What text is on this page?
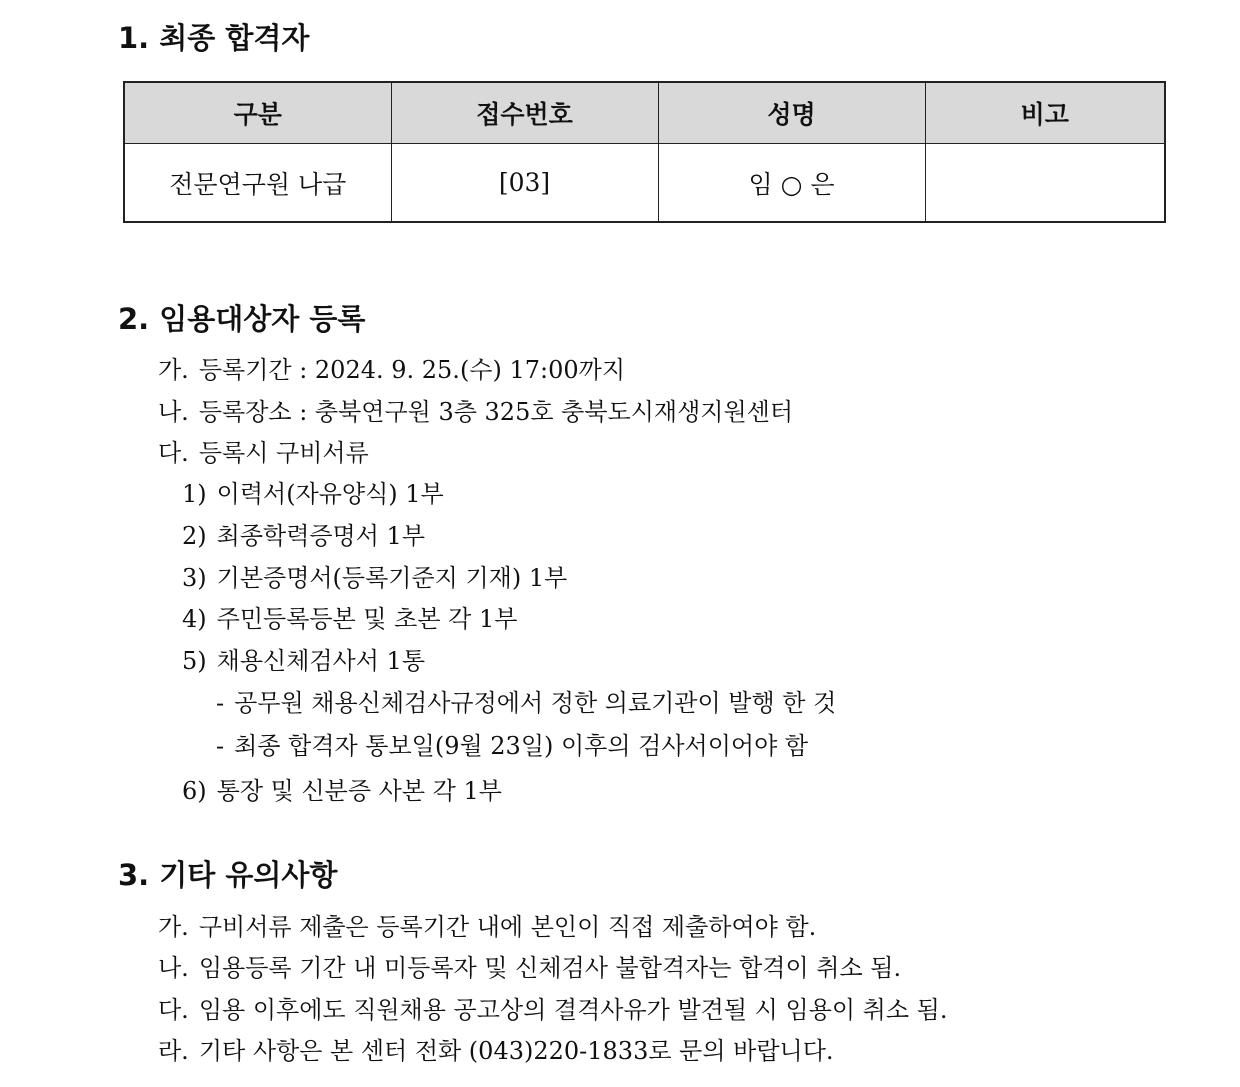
1. 최종 합격자
구분	접수번호	성명	비고
전문연구원 나급	[03]	임 ○ 은	
2. 임용대상자 등록
가. 등록기간 : 2024. 9. 25.(수) 17:00까지
나. 등록장소 : 충북연구원 3층 325호 충북도시재생지원센터
다. 등록시 구비서류
1) 이력서(자유양식) 1부
2) 최종학력증명서 1부
3) 기본증명서(등록기준지 기재) 1부
4) 주민등록등본 및 초본 각 1부
5) 채용신체검사서 1통
- 공무원 채용신체검사규정에서 정한 의료기관이 발행 한 것
- 최종 합격자 통보일(9월 23일) 이후의 검사서이어야 함
6) 통장 및 신분증 사본 각 1부
3. 기타 유의사항
가. 구비서류 제출은 등록기간 내에 본인이 직접 제출하여야 함.
나. 임용등록 기간 내 미등록자 및 신체검사 불합격자는 합격이 취소 됨.
다. 임용 이후에도 직원채용 공고상의 결격사유가 발견될 시 임용이 취소 됨.
라. 기타 사항은 본 센터 전화 (043)220-1833로 문의 바랍니다.
